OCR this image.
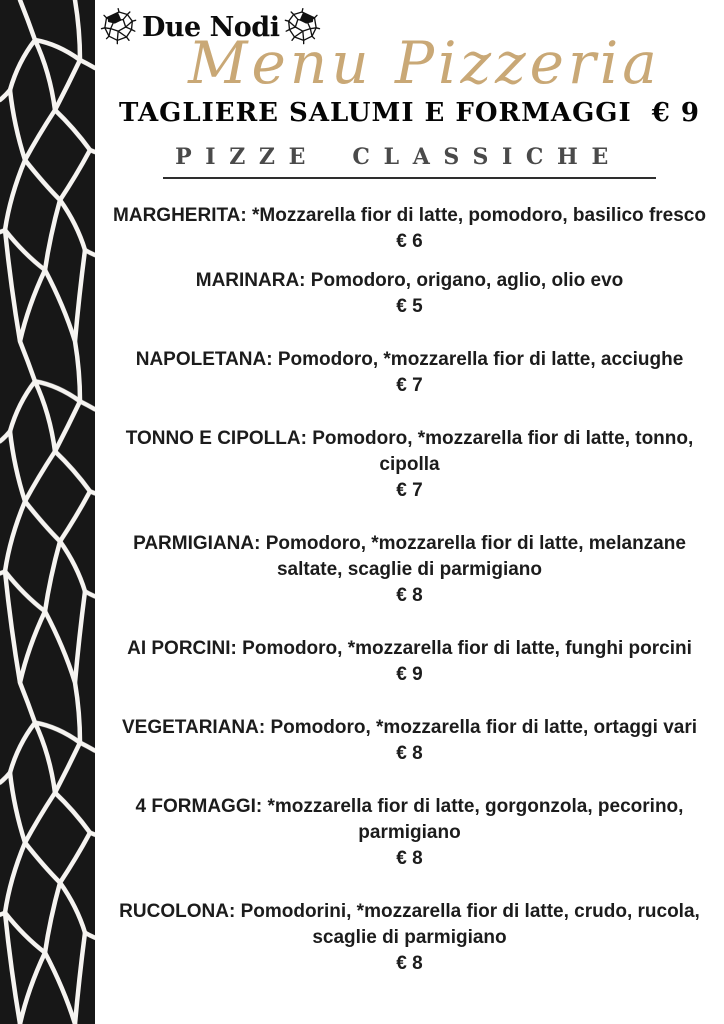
Due Nodi
Menu Pizzeria
TAGLIERE SALUMI E FORMAGGI  € 9
PIZZE CLASSICHE

MARGHERITA: *Mozzarella fior di latte, pomodoro, basilico fresco

€ 6

MARINARA: Pomodoro, origano, aglio, olio evo

€ 5

NAPOLETANA: Pomodoro, *mozzarella fior di latte, acciughe

€ 7

TONNO E CIPOLLA: Pomodoro, *mozzarella fior di latte, tonno, cipolla

€ 7

PARMIGIANA: Pomodoro, *mozzarella fior di latte, melanzane saltate, scaglie di parmigiano

€ 8

AI PORCINI: Pomodoro, *mozzarella fior di latte, funghi porcini

€ 9

VEGETARIANA: Pomodoro, *mozzarella fior di latte, ortaggi vari

€ 8

4 FORMAGGI: *mozzarella fior di latte, gorgonzola, pecorino, parmigiano

€ 8

RUCOLONA: Pomodorini, *mozzarella fior di latte, crudo, rucola, scaglie di parmigiano

€ 8
